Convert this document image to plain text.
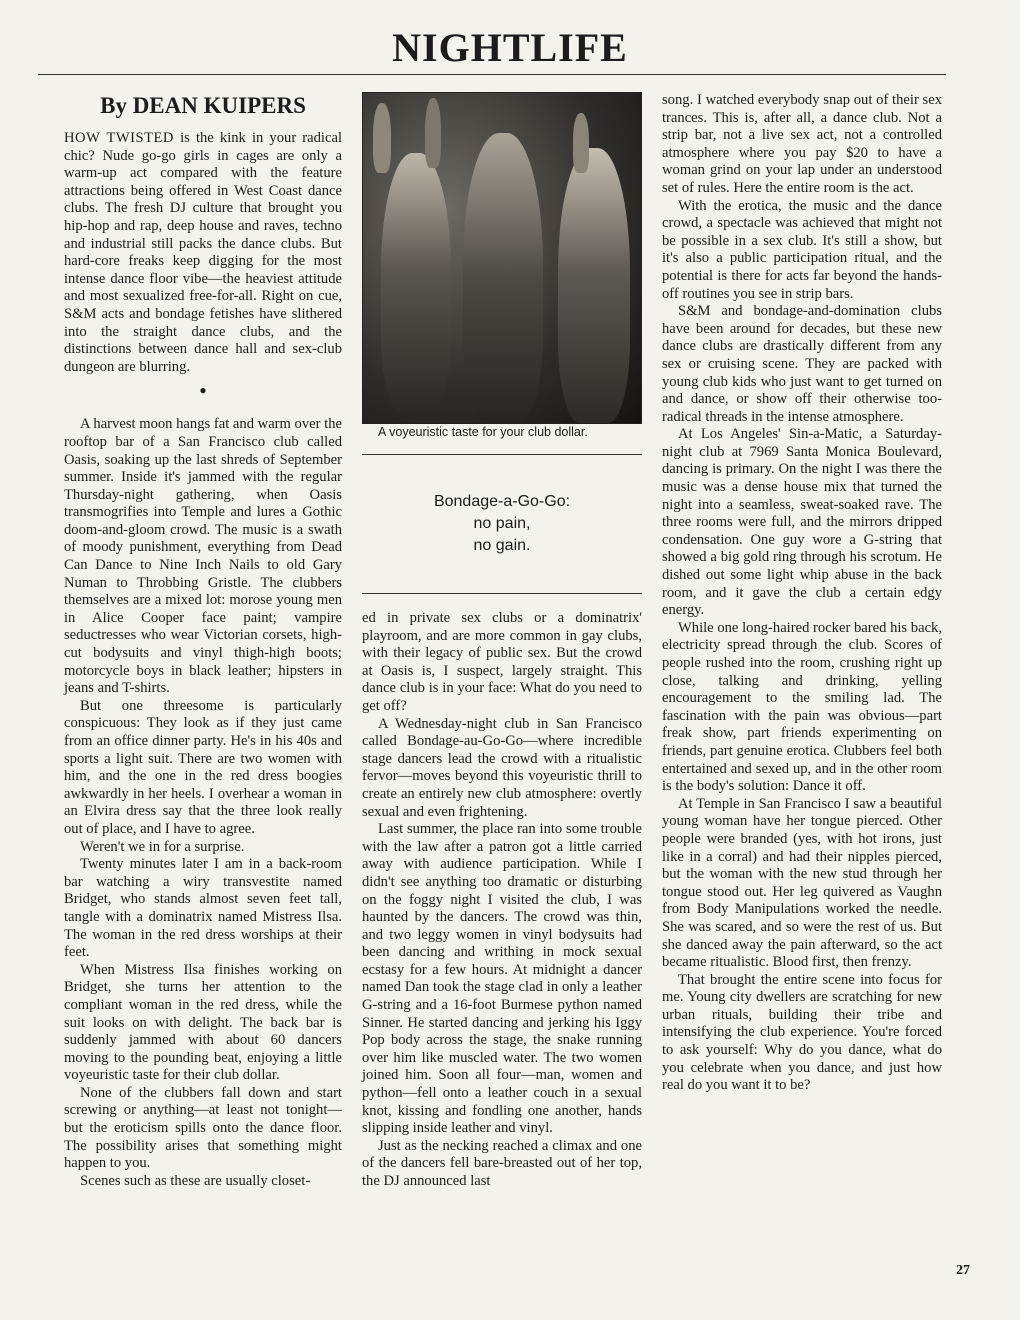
NIGHTLIFE
By DEAN KUIPERS

HOW TWISTED is the kink in your radical chic? Nude go-go girls in cages are only a warm-up act compared with the feature attractions being offered in West Coast dance clubs. The fresh DJ culture that brought you hip-hop and rap, deep house and raves, techno and industrial still packs the dance clubs. But hard-core freaks keep digging for the most intense dance floor vibe—the heaviest attitude and most sexualized free-for-all. Right on cue, S&M acts and bondage fetishes have slithered into the straight dance clubs, and the distinctions between dance hall and sex-club dungeon are blurring.

•

A harvest moon hangs fat and warm over the rooftop bar of a San Francisco club called Oasis, soaking up the last shreds of September summer. Inside it's jammed with the regular Thursday-night gathering, when Oasis transmogrifies into Temple and lures a Gothic doom-and-gloom crowd. The music is a swath of moody punishment, everything from Dead Can Dance to Nine Inch Nails to old Gary Numan to Throbbing Gristle. The clubbers themselves are a mixed lot: morose young men in Alice Cooper face paint; vampire seductresses who wear Victorian corsets, high-cut bodysuits and vinyl thigh-high boots; motorcycle boys in black leather; hipsters in jeans and T-shirts.

But one threesome is particularly conspicuous: They look as if they just came from an office dinner party. He's in his 40s and sports a light suit. There are two women with him, and the one in the red dress boogies awkwardly in her heels. I overhear a woman in an Elvira dress say that the three look really out of place, and I have to agree.

Weren't we in for a surprise.

Twenty minutes later I am in a back-room bar watching a wiry transvestite named Bridget, who stands almost seven feet tall, tangle with a dominatrix named Mistress Ilsa. The woman in the red dress worships at their feet.

When Mistress Ilsa finishes working on Bridget, she turns her attention to the compliant woman in the red dress, while the suit looks on with delight. The back bar is suddenly jammed with about 60 dancers moving to the pounding beat, enjoying a little voyeuristic taste for their club dollar.

None of the clubbers fall down and start screwing or anything—at least not tonight—but the eroticism spills onto the dance floor. The possibility arises that something might happen to you.

Scenes such as these are usually closet-

A voyeuristic taste for your club dollar.

Bondage-a-Go-Go:
no pain,
no gain.

ed in private sex clubs or a dominatrix' playroom, and are more common in gay clubs, with their legacy of public sex. But the crowd at Oasis is, I suspect, largely straight. This dance club is in your face: What do you need to get off?

A Wednesday-night club in San Francisco called Bondage-au-Go-Go—where incredible stage dancers lead the crowd with a ritualistic fervor—moves beyond this voyeuristic thrill to create an entirely new club atmosphere: overtly sexual and even frightening.

Last summer, the place ran into some trouble with the law after a patron got a little carried away with audience participation. While I didn't see anything too dramatic or disturbing on the foggy night I visited the club, I was haunted by the dancers. The crowd was thin, and two leggy women in vinyl bodysuits had been dancing and writhing in mock sexual ecstasy for a few hours. At midnight a dancer named Dan took the stage clad in only a leather G-string and a 16-foot Burmese python named Sinner. He started dancing and jerking his Iggy Pop body across the stage, the snake running over him like muscled water. The two women joined him. Soon all four—man, women and python—fell onto a leather couch in a sexual knot, kissing and fondling one another, hands slipping inside leather and vinyl.

Just as the necking reached a climax and one of the dancers fell bare-breasted out of her top, the DJ announced last

song. I watched everybody snap out of their sex trances. This is, after all, a dance club. Not a strip bar, not a live sex act, not a controlled atmosphere where you pay $20 to have a woman grind on your lap under an understood set of rules. Here the entire room is the act.

With the erotica, the music and the dance crowd, a spectacle was achieved that might not be possible in a sex club. It's still a show, but it's also a public participation ritual, and the potential is there for acts far beyond the hands-off routines you see in strip bars.

S&M and bondage-and-domination clubs have been around for decades, but these new dance clubs are drastically different from any sex or cruising scene. They are packed with young club kids who just want to get turned on and dance, or show off their otherwise too-radical threads in the intense atmosphere.

At Los Angeles' Sin-a-Matic, a Saturday-night club at 7969 Santa Monica Boulevard, dancing is primary. On the night I was there the music was a dense house mix that turned the night into a seamless, sweat-soaked rave. The three rooms were full, and the mirrors dripped condensation. One guy wore a G-string that showed a big gold ring through his scrotum. He dished out some light whip abuse in the back room, and it gave the club a certain edgy energy.

While one long-haired rocker bared his back, electricity spread through the club. Scores of people rushed into the room, crushing right up close, talking and drinking, yelling encouragement to the smiling lad. The fascination with the pain was obvious—part freak show, part friends experimenting on friends, part genuine erotica. Clubbers feel both entertained and sexed up, and in the other room is the body's solution: Dance it off.

At Temple in San Francisco I saw a beautiful young woman have her tongue pierced. Other people were branded (yes, with hot irons, just like in a corral) and had their nipples pierced, but the woman with the new stud through her tongue stood out. Her leg quivered as Vaughn from Body Manipulations worked the needle. She was scared, and so were the rest of us. But she danced away the pain afterward, so the act became ritualistic. Blood first, then frenzy.

That brought the entire scene into focus for me. Young city dwellers are scratching for new urban rituals, building their tribe and intensifying the club experience. You're forced to ask yourself: Why do you dance, what do you celebrate when you dance, and just how real do you want it to be?

27
